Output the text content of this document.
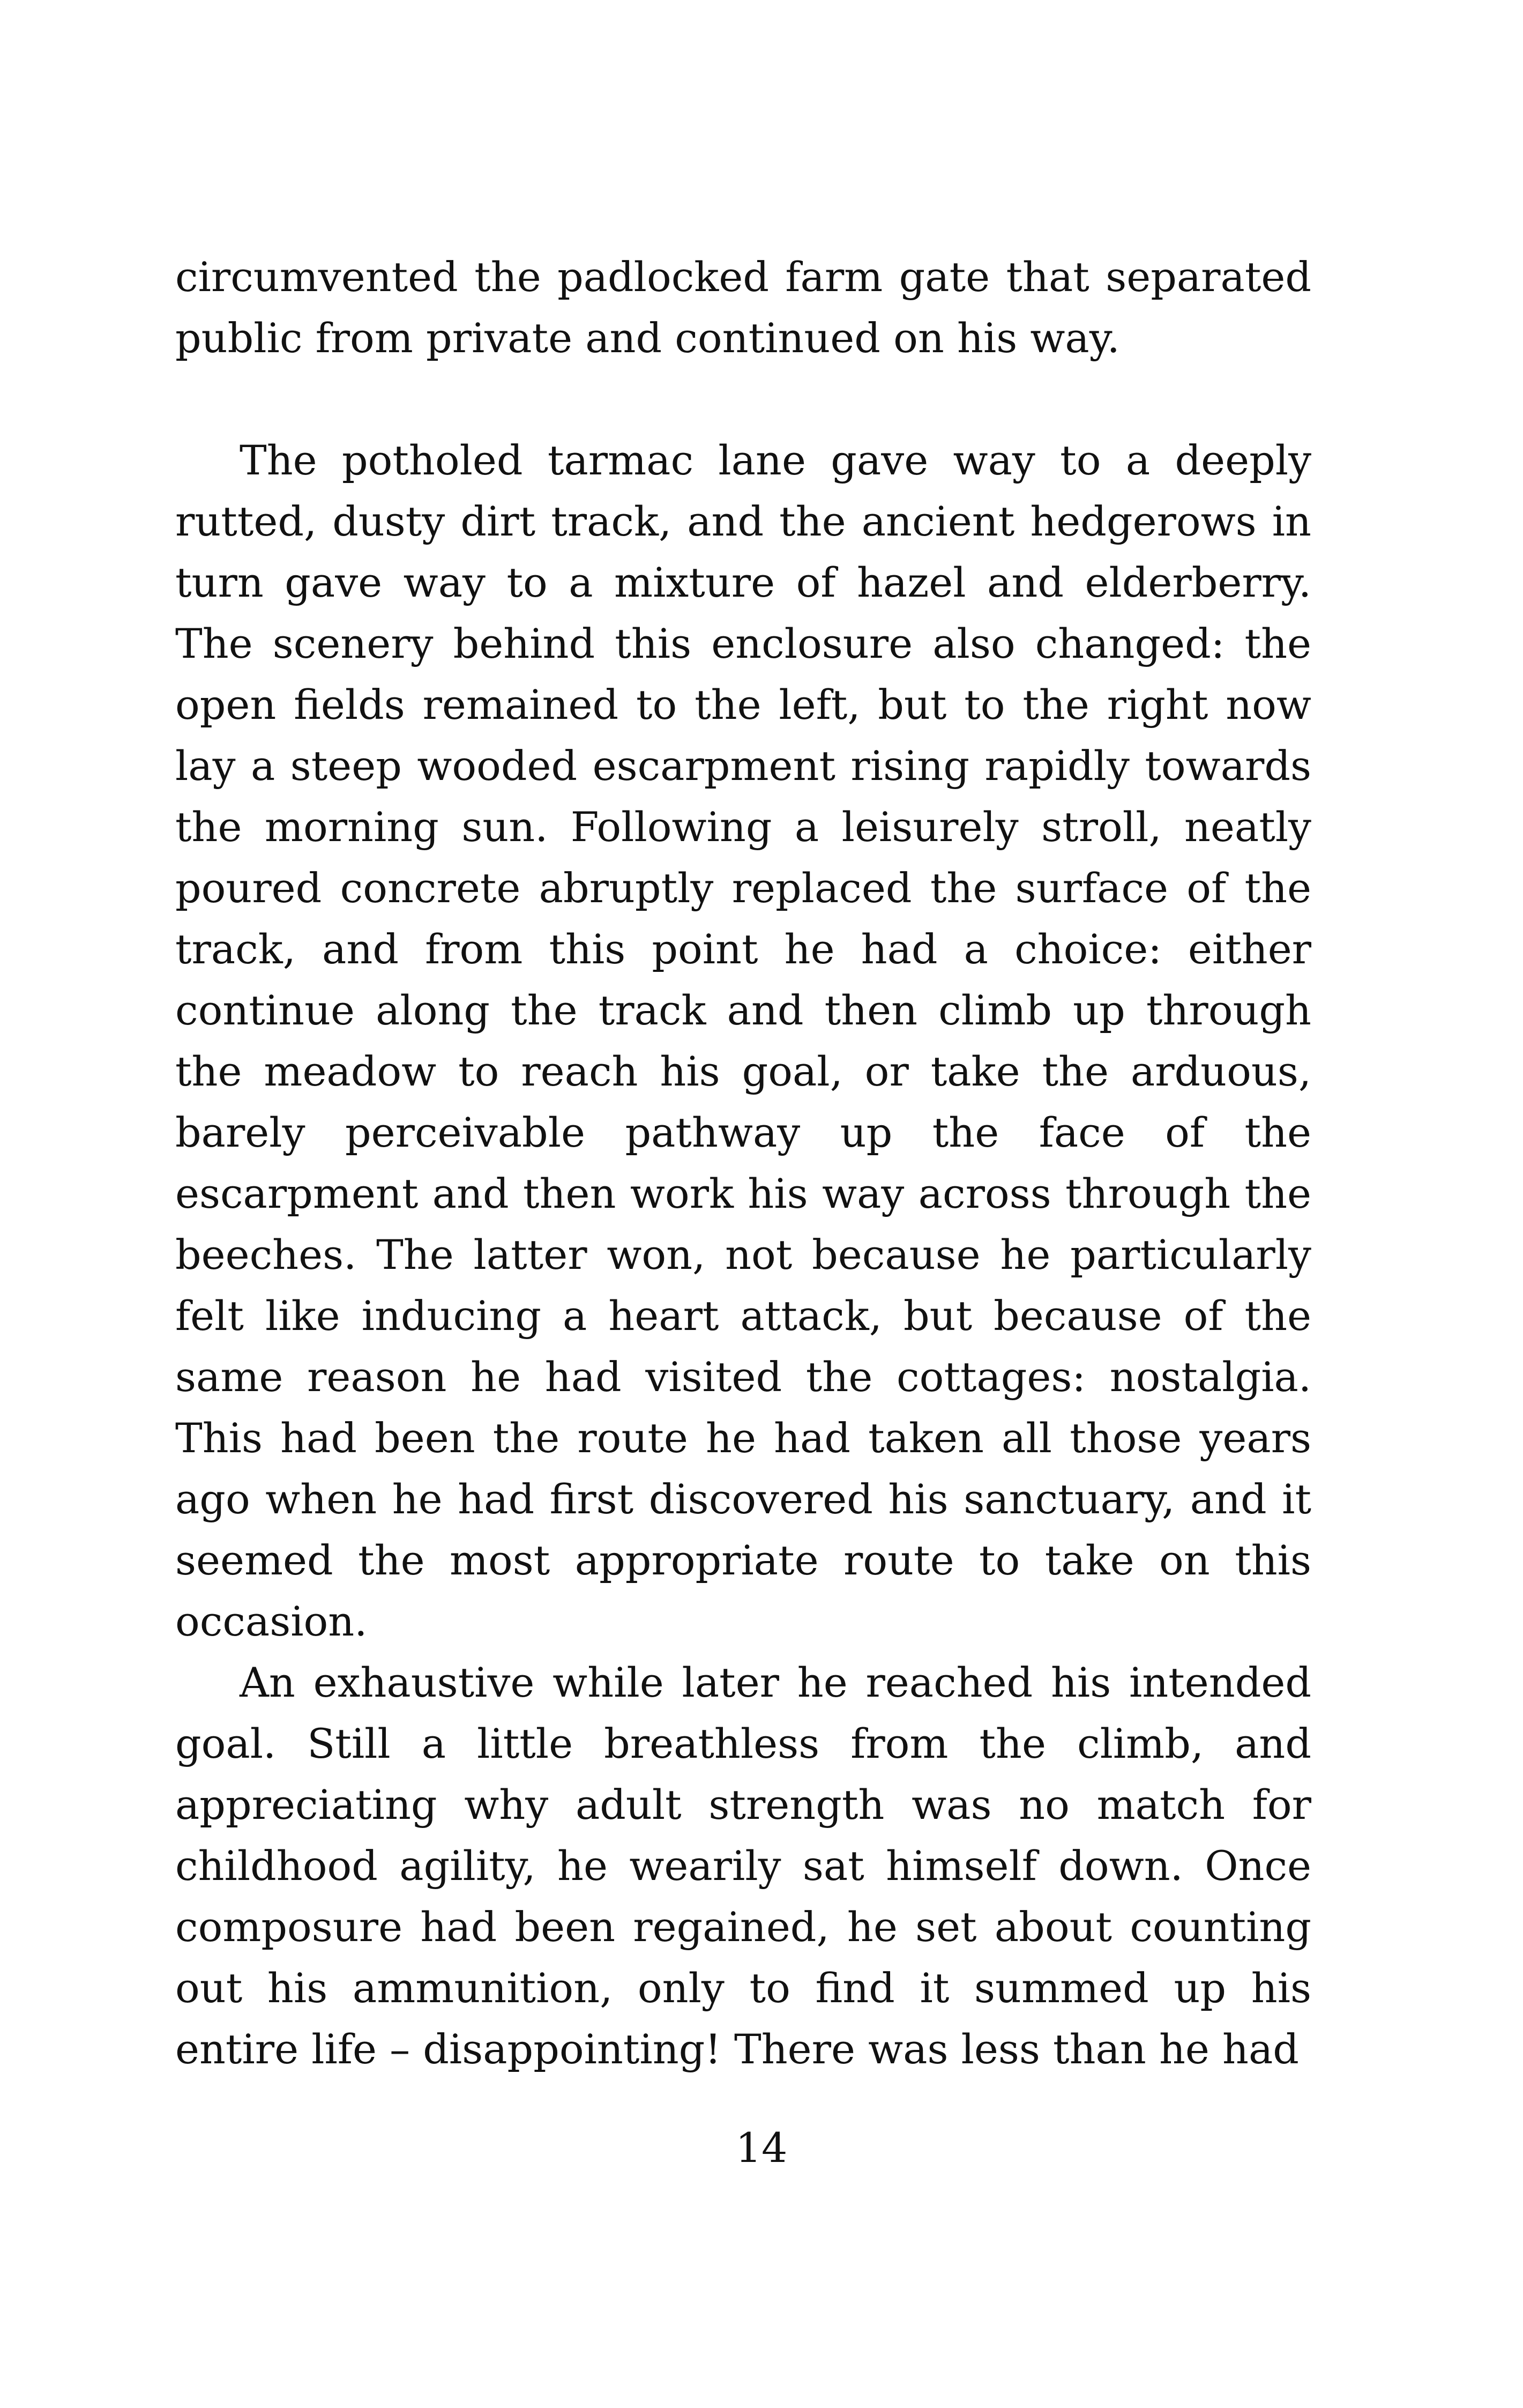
circumvented the padlocked farm gate that separated public from private and continued on his way.

The potholed tarmac lane gave way to a deeply rutted, dusty dirt track, and the ancient hedgerows in turn gave way to a mixture of hazel and elderberry. The scenery behind this enclosure also changed: the open fields remained to the left, but to the right now lay a steep wooded escarpment rising rapidly towards the morning sun. Following a leisurely stroll, neatly poured concrete abruptly replaced the surface of the track, and from this point he had a choice: either continue along the track and then climb up through the meadow to reach his goal, or take the arduous, barely perceivable pathway up the face of the escarpment and then work his way across through the beeches. The latter won, not because he particularly felt like inducing a heart attack, but because of the same reason he had visited the cottages: nostalgia. This had been the route he had taken all those years ago when he had first discovered his sanctuary, and it seemed the most appropriate route to take on this occasion.

An exhaustive while later he reached his intended goal. Still a little breathless from the climb, and appreciating why adult strength was no match for childhood agility, he wearily sat himself down. Once composure had been regained, he set about counting out his ammunition, only to find it summed up his entire life – disappointing! There was less than he had

14
